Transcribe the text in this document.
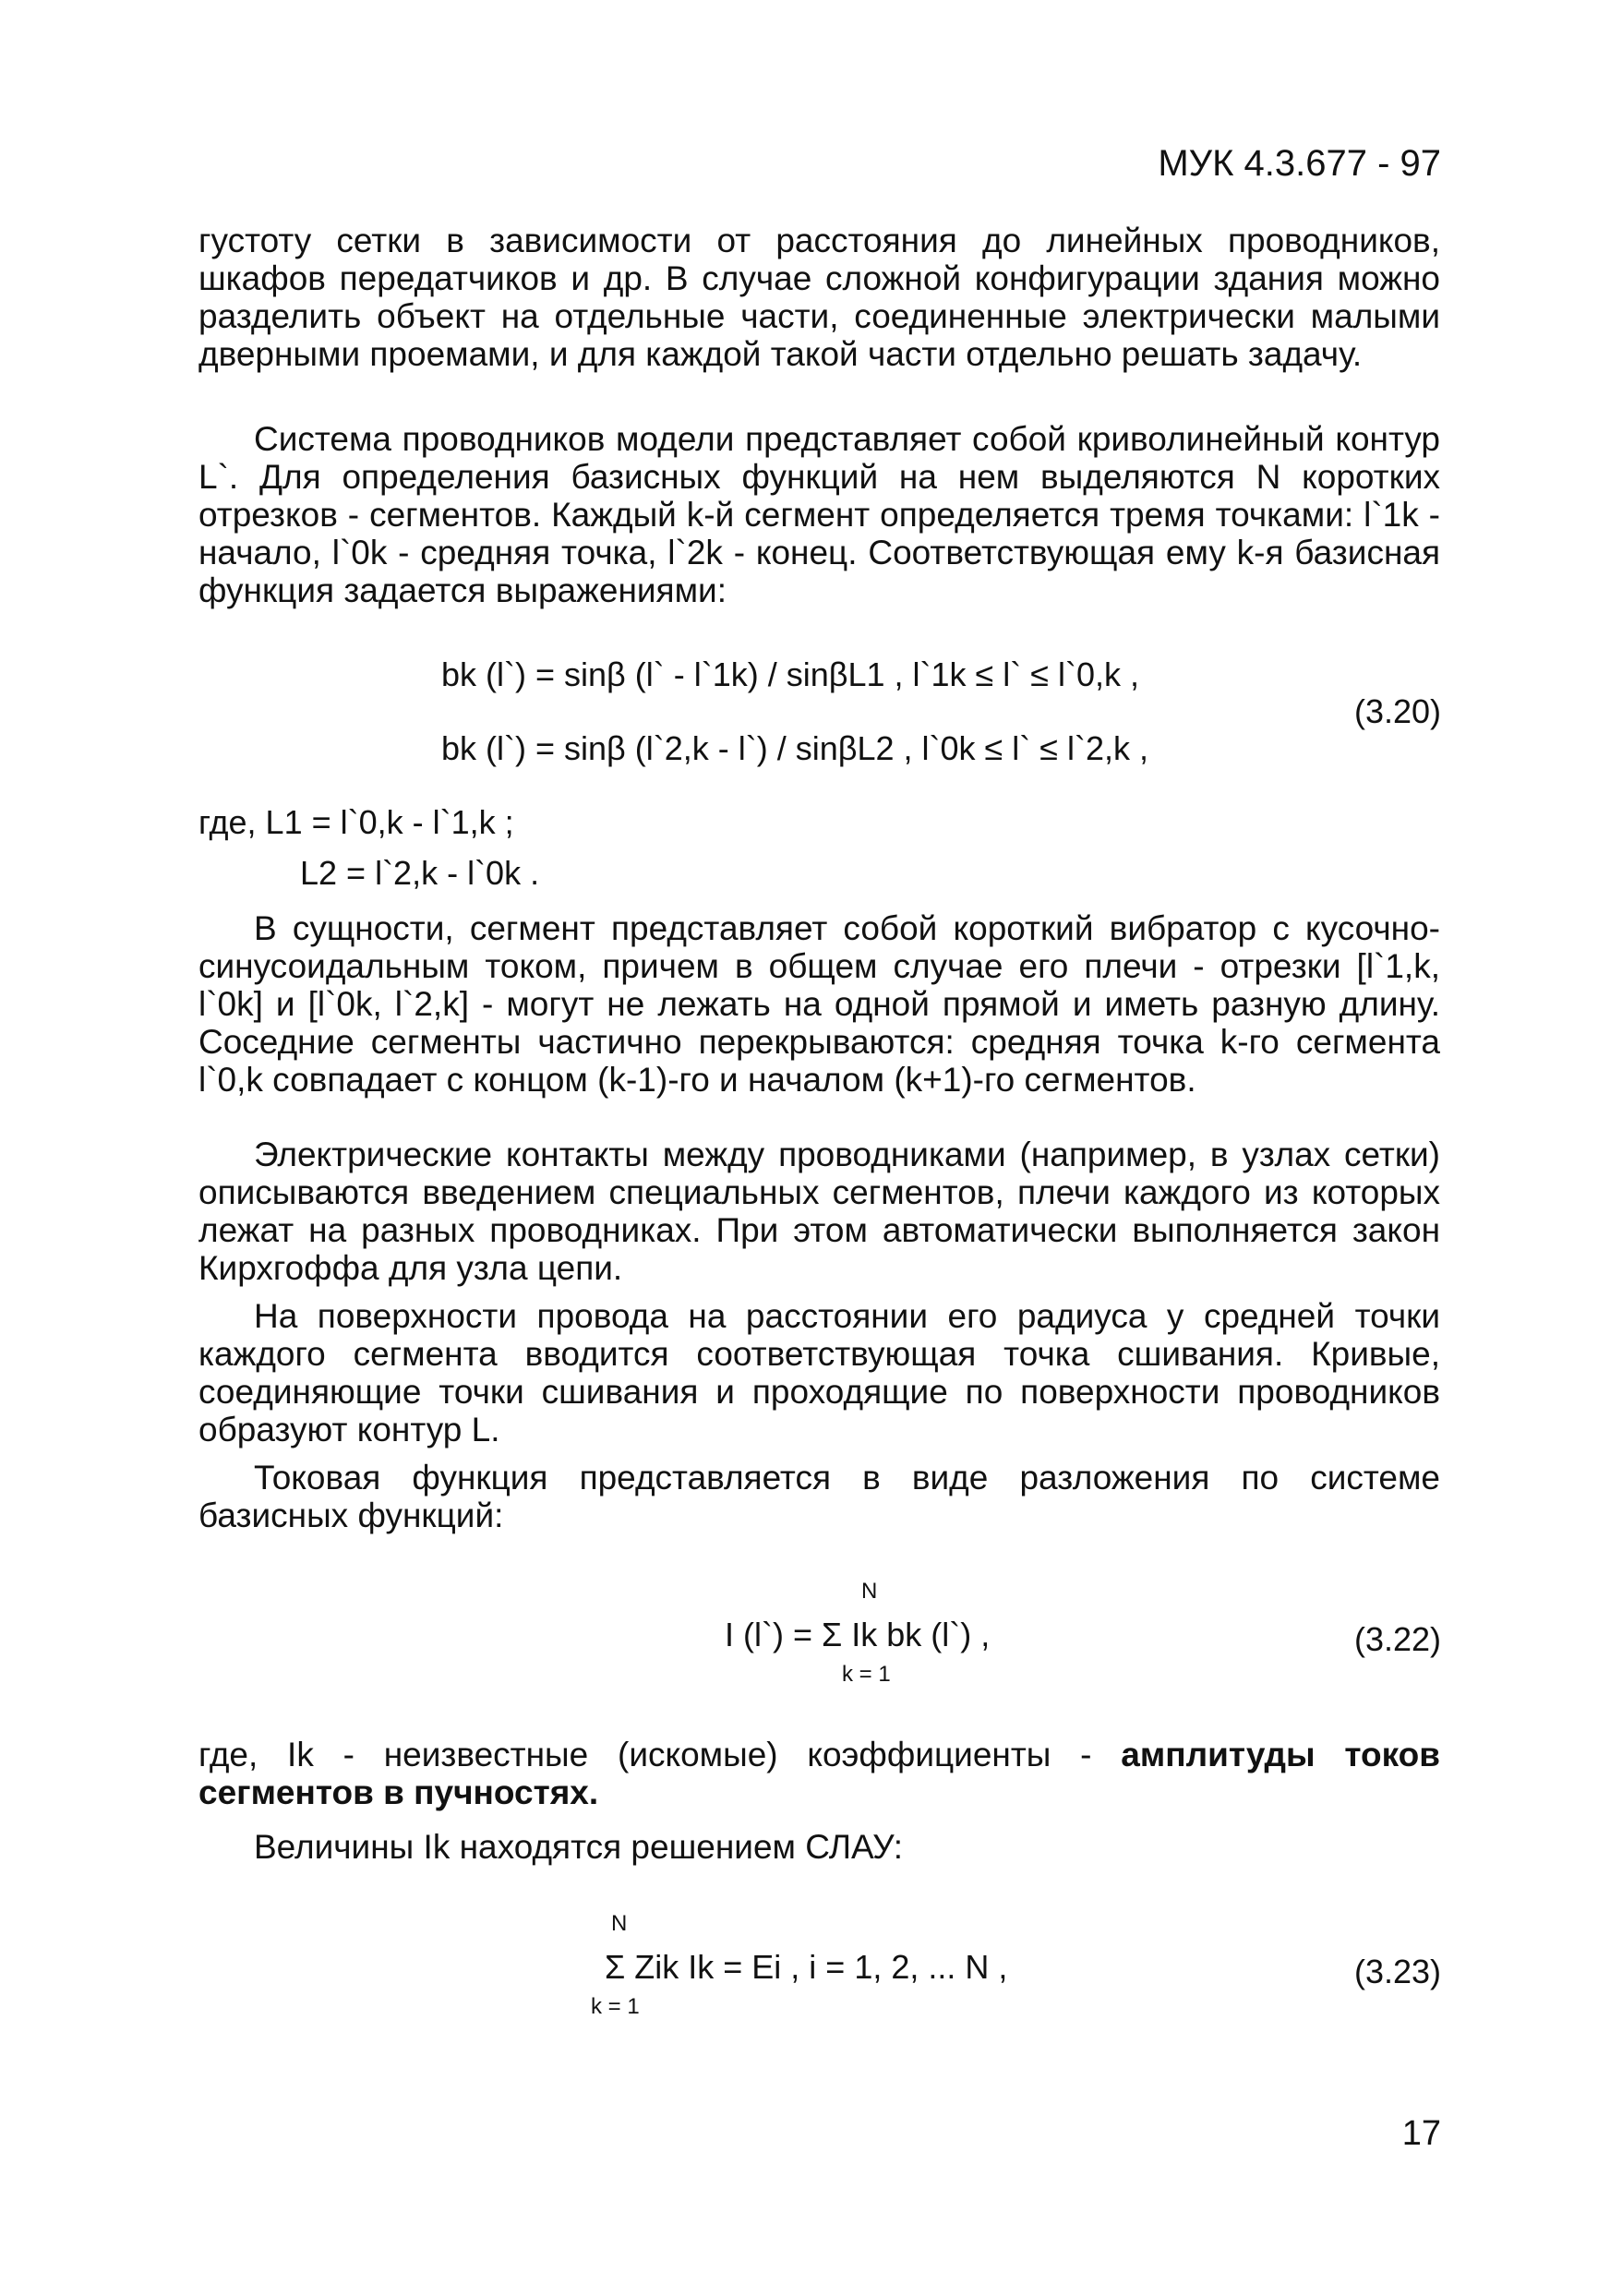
МУК 4.3.677 - 97

густоту сетки в зависимости от расстояния до линейных проводников, шкафов передатчиков и др. В случае сложной конфигурации здания можно разделить объект на отдельные части, соединенные электрически малыми дверными проемами, и для каждой такой части отдельно решать задачу.

Система проводников модели представляет собой криволинейный контур L`. Для определения базисных функций на нем выделяются N коротких отрезков - сегментов. Каждый k-й сегмент определяется тремя точками: l`1k - начало, l`0k - средняя точка, l`2k - конец. Соответствующая ему k-я базисная функция задается выражениями:

bk (l`) = sinβ (l` - l`1k) / sinβL1 , l`1k ≤ l` ≤ l`0,k ,
bk (l`) = sinβ (l`2,k - l`) / sinβL2 , l`0k ≤ l` ≤ l`2,k ,
(3.20)
где, L1 = l`0,k - l`1,k ;
L2 = l`2,k - l`0k .

В сущности, сегмент представляет собой короткий вибратор с кусочно-синусоидальным током, причем в общем случае его плечи - отрезки [l`1,k, l`0k] и [l`0k, l`2,k] - могут не лежать на одной прямой и иметь разную длину. Соседние сегменты частично перекрываются: средняя точка k-го сегмента l`0,k совпадает с концом (k-1)-го и началом (k+1)-го сегментов.

Электрические контакты между проводниками (например, в узлах сетки) описываются введением специальных сегментов, плечи каждого из которых лежат на разных проводниках. При этом автоматически выполняется закон Кирхгоффа для узла цепи.

На поверхности провода на расстоянии его радиуса у средней точки каждого сегмента вводится соответствующая точка сшивания. Кривые, соединяющие точки сшивания и проходящие по поверхности проводников образуют контур L.

Токовая функция представляется в виде разложения по системе базисных функций:

N
I (l`) = Σ Ik bk (l`) ,
k = 1
(3.22)

где, Ik - неизвестные (искомые) коэффициенты - амплитуды токов сегментов в пучностях.

Величины Ik находятся решением СЛАУ:

N
Σ Zik Ik = Ei , i = 1, 2, ... N ,
k = 1
(3.23)
17
